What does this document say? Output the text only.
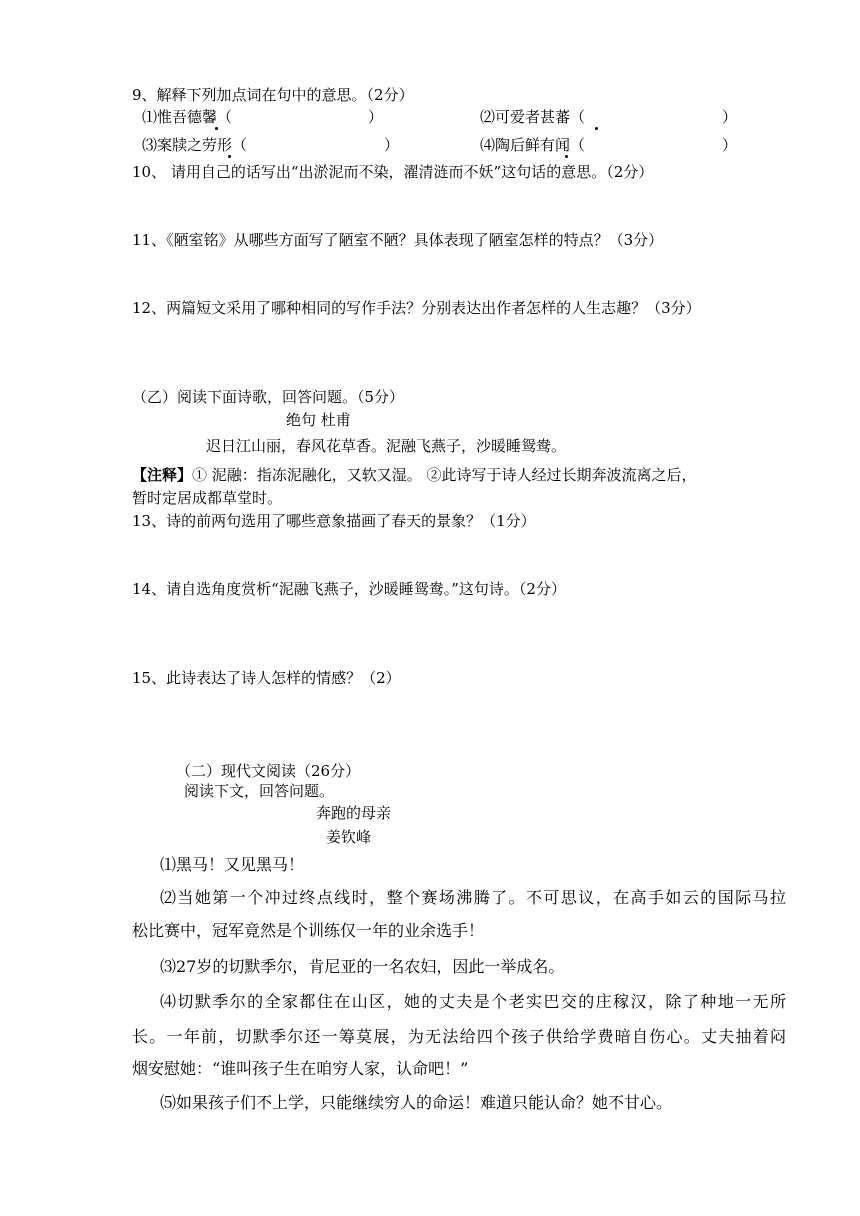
9、解释下列加点词在句中的意思。（2分）
⑴惟吾德馨（	）	⑵可爱者甚蕃（	）
⑶案牍之劳形（	）	⑷陶后鲜有闻（	）
10、 请用自己的话写出“出淤泥而不染，濯清涟而不妖”这句话的意思。（2分）
11、《陋室铭》从哪些方面写了陋室不陋？具体表现了陋室怎样的特点？（3分）
12、两篇短文采用了哪种相同的写作手法？分别表达出作者怎样的人生志趣？（3分）
（乙）阅读下面诗歌，回答问题。（5分）
绝句 杜甫
迟日江山丽，春风花草香。泥融飞燕子，沙暖睡鸳鸯。
【注释】① 泥融：指冻泥融化，又软又湿。 ②此诗写于诗人经过长期奔波流离之后，
暂时定居成都草堂时。
13、诗的前两句选用了哪些意象描画了春天的景象？（1分）
14、请自选角度赏析“泥融飞燕子，沙暖睡鸳鸯。”这句诗。（2分）
15、此诗表达了诗人怎样的情感？（2）
（二）现代文阅读（26分）
阅读下文，回答问题。
奔跑的母亲
姜钦峰
⑴黑马！又见黑马！
⑵当她第一个冲过终点线时，整个赛场沸腾了。不可思议，在高手如云的国际马拉
松比赛中，冠军竟然是个训练仅一年的业余选手！
⑶27岁的切默季尔，肯尼亚的一名农妇，因此一举成名。
⑷切默季尔的全家都住在山区，她的丈夫是个老实巴交的庄稼汉，除了种地一无所
长。一年前，切默季尔还一筹莫展，为无法给四个孩子供给学费暗自伤心。丈夫抽着闷
烟安慰她：“谁叫孩子生在咱穷人家，认命吧！”
⑸如果孩子们不上学，只能继续穷人的命运！难道只能认命？她不甘心。
